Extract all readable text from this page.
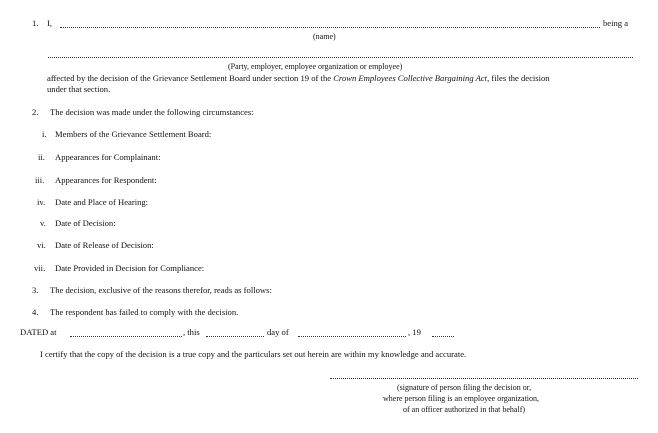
1. I,	being a
(name)
(Party, employer, employee organization or employee)
affected by the decision of the Grievance Settlement Board under section 19 of the Crown Employees Collective Bargaining Act, files the decision
under that section.
2. The decision was made under the following circumstances:
i. Members of the Grievance Settlement Board:
ii. Appearances for Complainant:
iii. Appearances for Respondent:
iv. Date and Place of Hearing:
v. Date of Decision:
vi. Date of Release of Decision:
vii. Date Provided in Decision for Compliance:
3. The decision, exclusive of the reasons therefor, reads as follows:
4. The respondent has failed to comply with the decision.
DATED at	, this	day of	, 19
I certify that the copy of the decision is a true copy and the particulars set out herein are within my knowledge and accurate.
(signature of person filing the decision or,
where person filing is an employee organization,
of an officer authorized in that behalf)
